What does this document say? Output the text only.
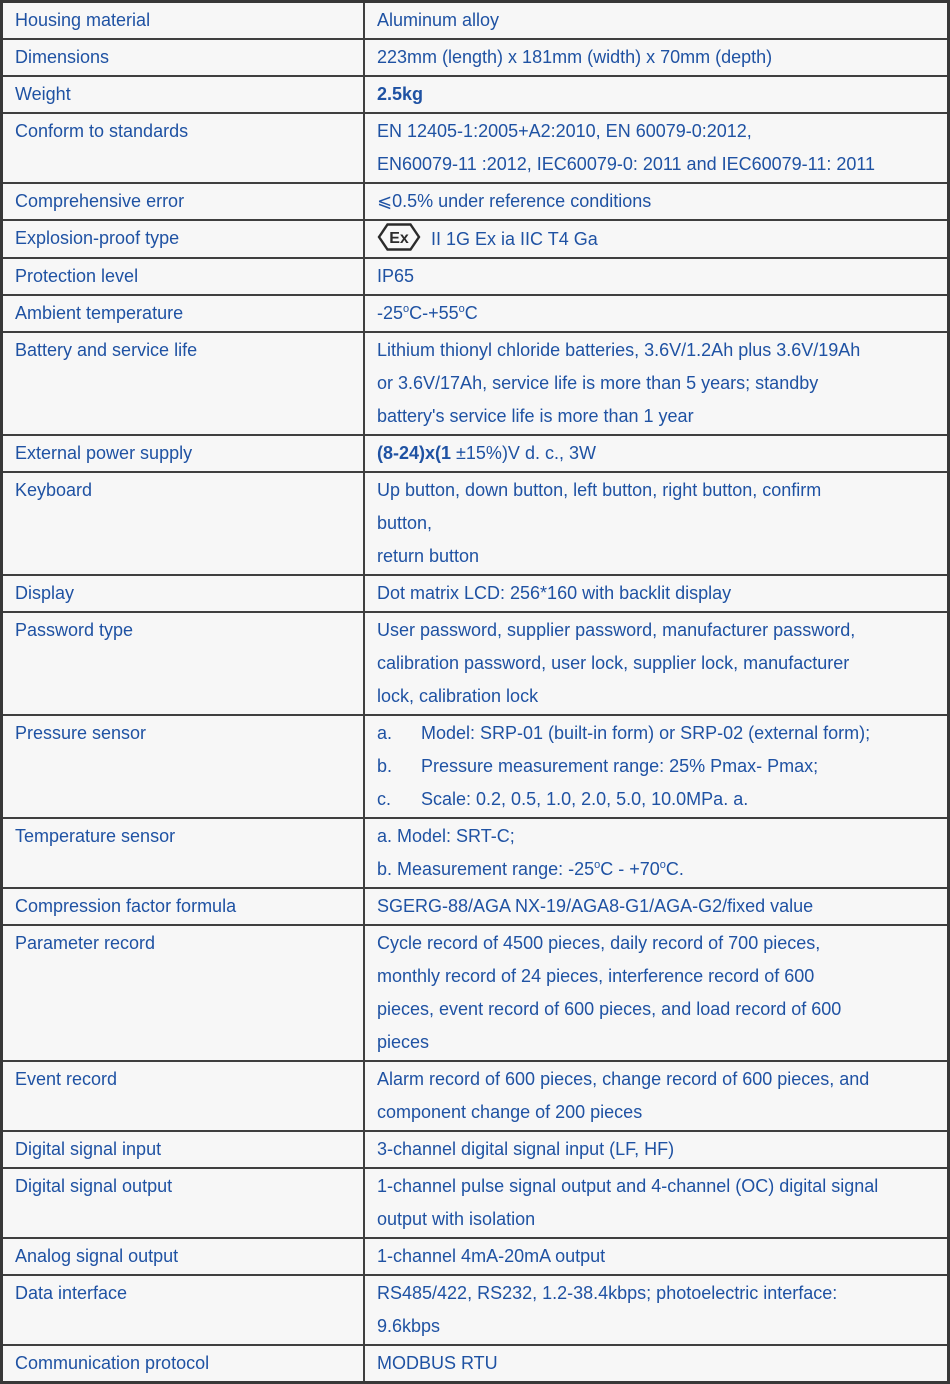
Housing material	Aluminum alloy

Dimensions	223mm (length) x 181mm (width) x 70mm (depth)

Weight	2.5kg

Conform to standards	EN 12405-1:2005+A2:2010, EN 60079-0:2012,
EN60079-11 :2012, IEC60079-0: 2011 and IEC60079-11: 2011

Comprehensive error	⩽0.5% under reference conditions

Explosion-proof type	Ex II 1G Ex ia IIC T4 Ga

Protection level	IP65

Ambient temperature	$-25^oC-+55^oC$

Battery and service life	Lithium thionyl chloride batteries, 3.6V/1.2Ah plus 3.6V/19Ah
or 3.6V/17Ah, service life is more than 5 years; standby
battery's service life is more than 1 year

External power supply	(8-24)x(1 ±15%)V d. c., 3W

Keyboard	Up button, down button, left button, right button, confirm
button,
return button

Display	Dot matrix LCD: 256*160 with backlit display

Password type	User password, supplier password, manufacturer password,
calibration password, user lock, supplier lock, manufacturer
lock, calibration lock

Pressure sensor	a. Model: SRP-01 (built-in form) or SRP-02 (external form);
b. Pressure measurement range: 25% Pmax- Pmax;
c. Scale: 0.2, 0.5, 1.0, 2.0, 5.0, 10.0MPa. a.

Temperature sensor	a. Model: SRT-C;
b. Measurement range: $-25^oC - +70^oC$.

Compression factor formula	SGERG-88/AGA NX-19/AGA8-G1/AGA-G2/fixed value

Parameter record	Cycle record of 4500 pieces, daily record of 700 pieces,
monthly record of 24 pieces, interference record of 600
pieces, event record of 600 pieces, and load record of 600
pieces

Event record	Alarm record of 600 pieces, change record of 600 pieces, and
component change of 200 pieces

Digital signal input	3-channel digital signal input (LF, HF)

Digital signal output	1-channel pulse signal output and 4-channel (OC) digital signal
output with isolation

Analog signal output	1-channel 4mA-20mA output

Data interface	RS485/422, RS232, 1.2-38.4kbps; photoelectric interface:
9.6kbps

Communication protocol	MODBUS RTU
